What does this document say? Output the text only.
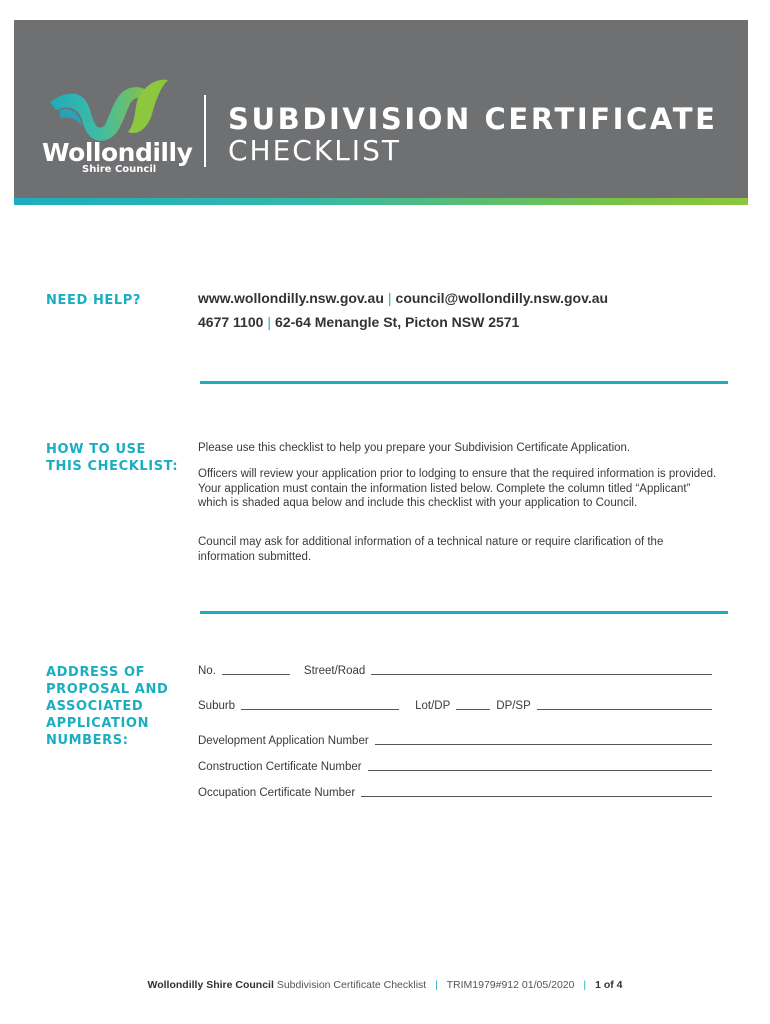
Wollondilly
Shire Council
SUBDIVISION CERTIFICATE
CHECKLIST
NEED HELP?	www.wollondilly.nsw.gov.au | council@wollondilly.nsw.gov.au
4677 1100 | 62-64 Menangle St, Picton NSW 2571
HOW TO USE
THIS CHECKLIST:
Please use this checklist to help you prepare your Subdivision Certificate Application.
Officers will review your application prior to lodging to ensure that the required information is provided. Your application must contain the information listed below. Complete the column titled “Applicant” which is shaded aqua below and include this checklist with your application to Council.
Council may ask for additional information of a technical nature or require clarification of the information submitted.
ADDRESS OF
PROPOSAL AND
ASSOCIATED
APPLICATION
NUMBERS:
No.	Street/Road
Suburb	Lot/DP	DP/SP
Development Application Number
Construction Certificate Number
Occupation Certificate Number
Wollondilly Shire Council Subdivision Certificate Checklist | TRIM1979#912 01/05/2020 | 1 of 4
